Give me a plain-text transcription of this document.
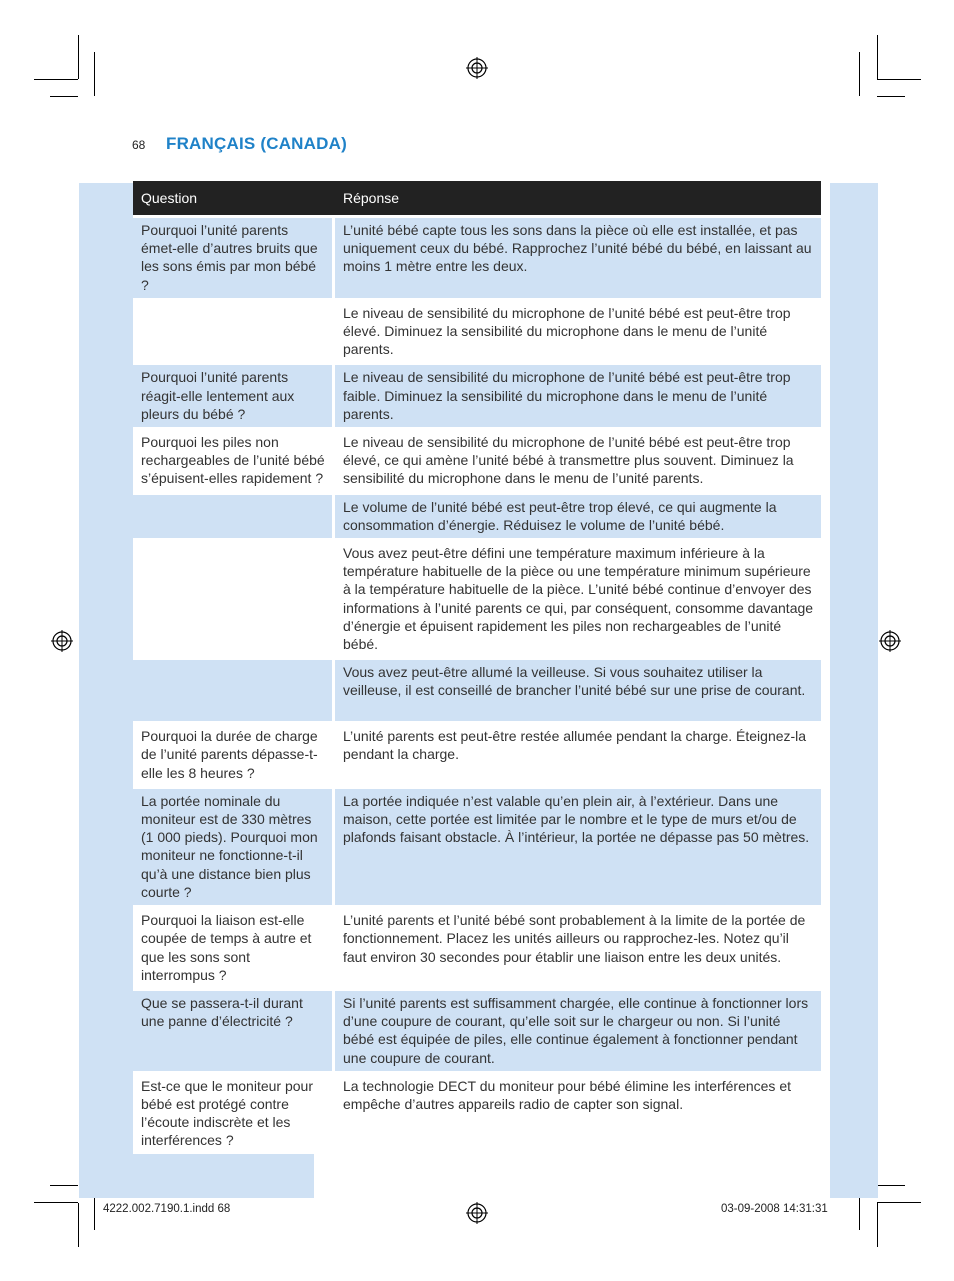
68 FRANÇAIS (CANADA)
Question	Réponse
Pourquoi l’unité parents émet-elle d’autres bruits que les sons émis par mon bébé ?
L’unité bébé capte tous les sons dans la pièce où elle est installée, et pas uniquement ceux du bébé. Rapprochez l’unité bébé du bébé, en laissant au moins 1 mètre entre les deux.
Le niveau de sensibilité du microphone de l’unité bébé est peut-être trop élevé. Diminuez la sensibilité du microphone dans le menu de l’unité parents.
Pourquoi l’unité parents réagit-elle lentement aux pleurs du bébé ?
Le niveau de sensibilité du microphone de l’unité bébé est peut-être trop faible. Diminuez la sensibilité du microphone dans le menu de l’unité parents.
Pourquoi les piles non rechargeables de l’unité bébé s’épuisent-elles rapidement ?
Le niveau de sensibilité du microphone de l’unité bébé est peut-être trop élevé, ce qui amène l’unité bébé à transmettre plus souvent. Diminuez la sensibilité du microphone dans le menu de l’unité parents.
Le volume de l’unité bébé est peut-être trop élevé, ce qui augmente la consommation d’énergie. Réduisez le volume de l’unité bébé.
Vous avez peut-être défini une température maximum inférieure à la température habituelle de la pièce ou une température minimum supérieure à la température habituelle de la pièce. L’unité bébé continue d’envoyer des informations à l’unité parents ce qui, par conséquent, consomme davantage d’énergie et épuisent rapidement les piles non rechargeables de l’unité bébé.
Vous avez peut-être allumé la veilleuse. Si vous souhaitez utiliser la veilleuse, il est conseillé de brancher l’unité bébé sur une prise de courant.
Pourquoi la durée de charge de l’unité parents dépasse-t-elle les 8 heures ?
L’unité parents est peut-être restée allumée pendant la charge. Éteignez-la pendant la charge.
La portée nominale du moniteur est de 330 mètres (1 000 pieds). Pourquoi mon moniteur ne fonctionne-t-il qu’à une distance bien plus courte ?
La portée indiquée n’est valable qu’en plein air, à l’extérieur. Dans une maison, cette portée est limitée par le nombre et le type de murs et/ou de plafonds faisant obstacle. À l’intérieur, la portée ne dépasse pas 50 mètres.
Pourquoi la liaison est-elle coupée de temps à autre et que les sons sont interrompus ?
L’unité parents et l’unité bébé sont probablement à la limite de la portée de fonctionnement. Placez les unités ailleurs ou rapprochez-les. Notez qu’il faut environ 30 secondes pour établir une liaison entre les deux unités.
Que se passera-t-il durant une panne d’électricité ?
Si l’unité parents est suffisamment chargée, elle continue à fonctionner lors d’une coupure de courant, qu’elle soit sur le chargeur ou non. Si l’unité bébé est équipée de piles, elle continue également à fonctionner pendant une coupure de courant.
Est-ce que le moniteur pour bébé est protégé contre l’écoute indiscrète et les interférences ?
La technologie DECT du moniteur pour bébé élimine les interférences et empêche d’autres appareils radio de capter son signal.
4222.002.7190.1.indd 68	03-09-2008 14:31:31
